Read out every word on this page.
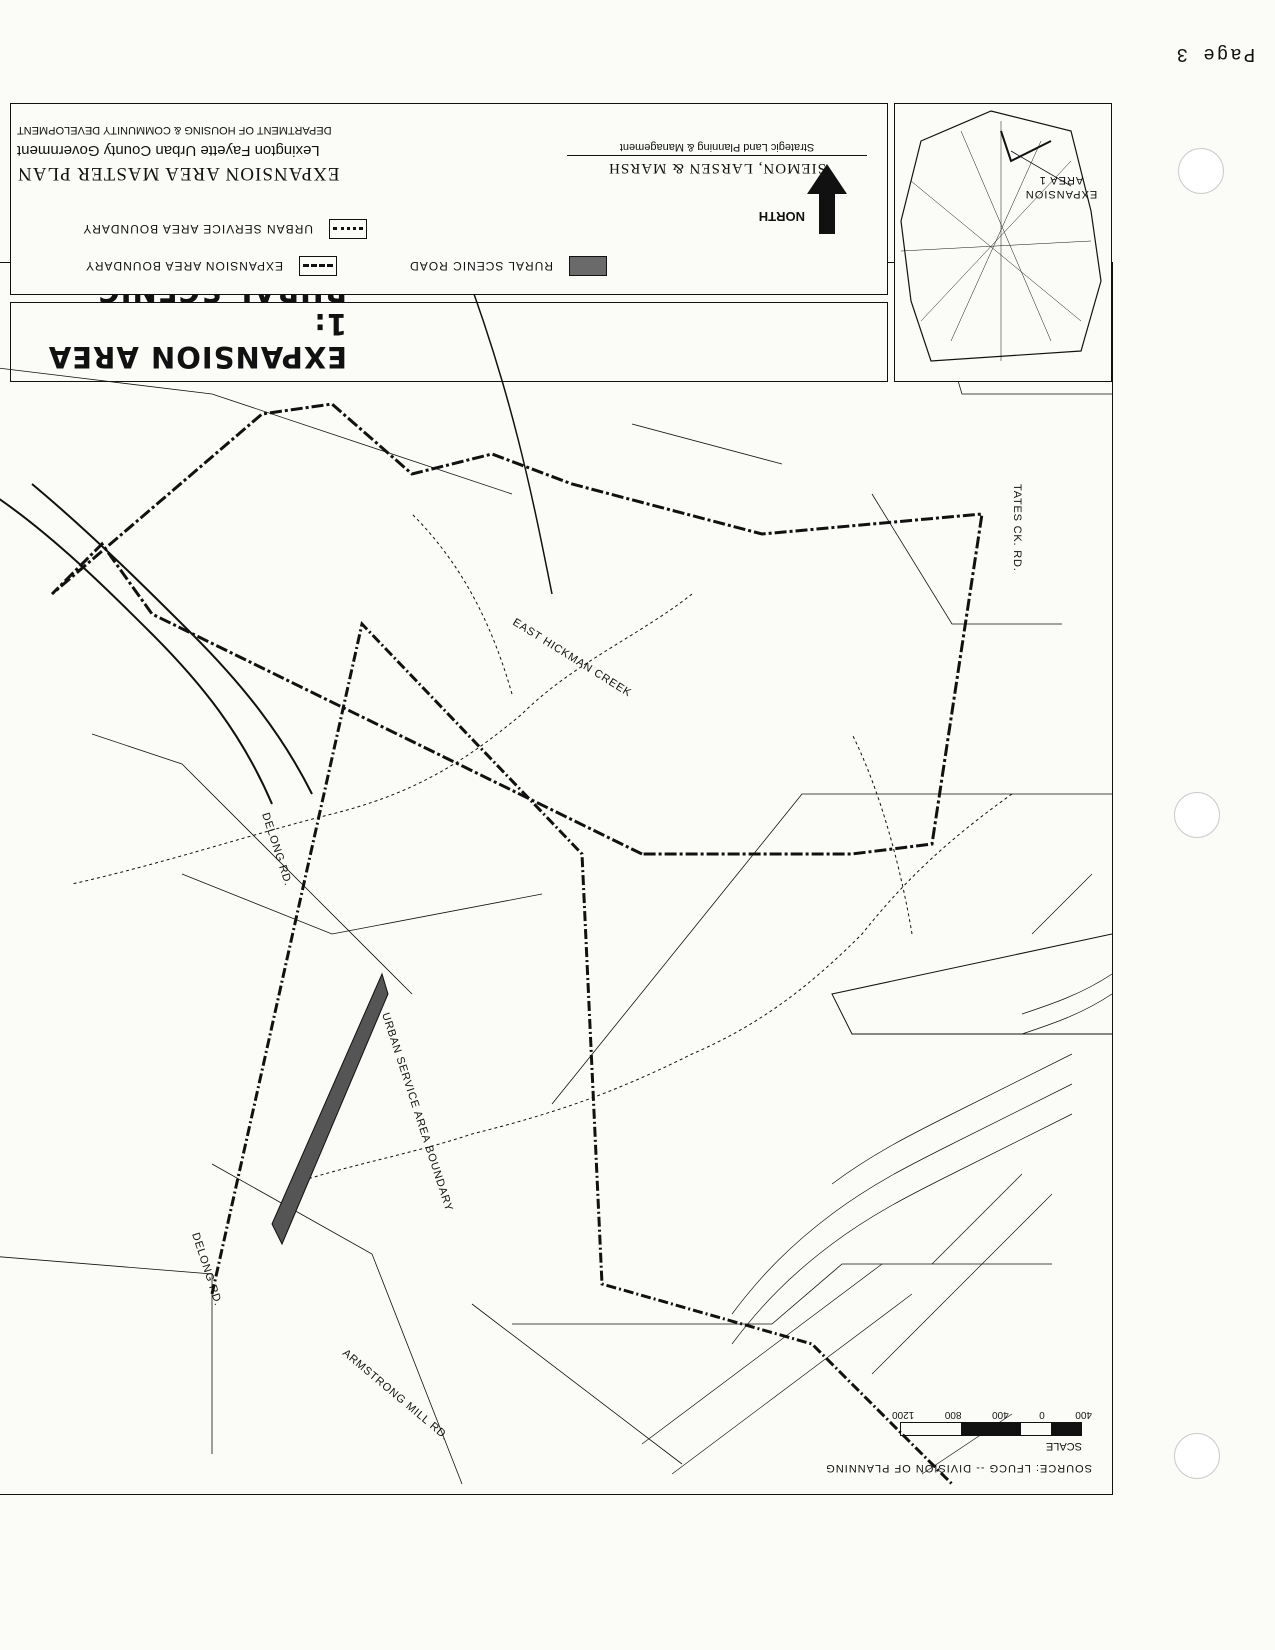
TATES CK. RD.
EAST HICKMAN CREEK
DELONG RD.
DELONG RD.
URBAN SERVICE AREA BOUNDARY
ARMSTRONG MILL RD.
SOURCE: LFUCG -- DIVISION OF PLANNING
SCALE
400
0
400
800
1200
EXPANSION
AREA 1
EXPANSION AREA 1:
RURAL SCENIC ROAD
EXPANSION AREA BOUNDARY
URBAN SERVICE AREA BOUNDARY
NORTH
SIEMON, LARSEN & MARSH
Strategic Land Planning & Management
EXPANSION AREA MASTER PLAN
Lexington Fayette Urban County Government
DEPARTMENT OF HOUSING & COMMUNITY DEVELOPMENT
Page 3
